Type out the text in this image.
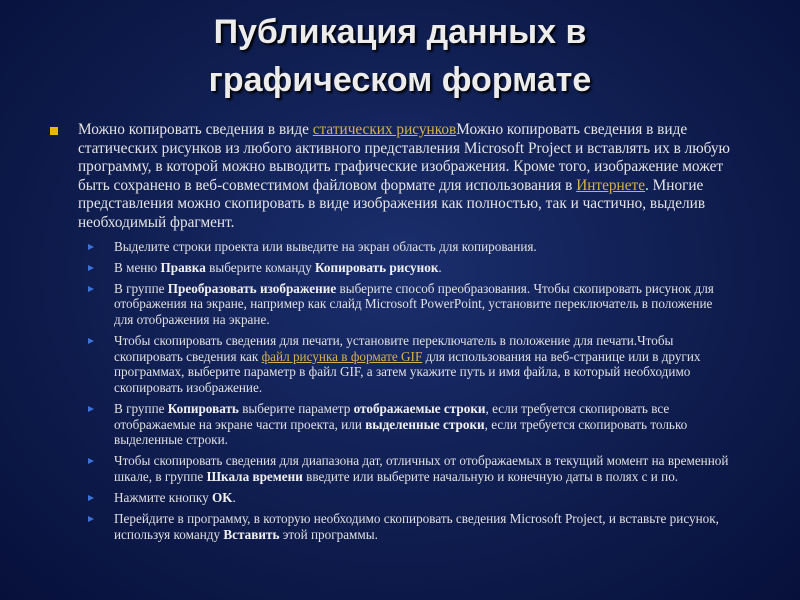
Публикация данных в
графическом формате
Можно копировать сведения в виде статических рисунковМожно копировать сведения в виде статических рисунков из любого активного представления Microsoft Project и вставлять их в любую программу, в которой можно выводить графические изображения. Кроме того, изображение может быть сохранено в веб-совместимом файловом формате для использования в Интернете. Многие представления можно скопировать в виде изображения как полностью, так и частично, выделив необходимый фрагмент.
Выделите строки проекта или выведите на экран область для копирования.
В меню Правка выберите команду Копировать рисунок.
В группе Преобразовать изображение выберите способ преобразования. Чтобы скопировать рисунок для отображения на экране, например как слайд Microsoft PowerPoint, установите переключатель в положение для отображения на экране.
Чтобы скопировать сведения для печати, установите переключатель в положение для печати.Чтобы скопировать сведения как файл рисунка в формате GIF для использования на веб-странице или в других программах, выберите параметр в файл GIF, а затем укажите путь и имя файла, в который необходимо скопировать изображение.
В группе Копировать выберите параметр отображаемые строки, если требуется скопировать все отображаемые на экране части проекта, или выделенные строки, если требуется скопировать только выделенные строки.
Чтобы скопировать сведения для диапазона дат, отличных от отображаемых в текущий момент на временной шкале, в группе Шкала времени введите или выберите начальную и конечную даты в полях с и по.
Нажмите кнопку OK.
Перейдите в программу, в которую необходимо скопировать сведения Microsoft Project, и вставьте рисунок, используя команду Вставить этой программы.
